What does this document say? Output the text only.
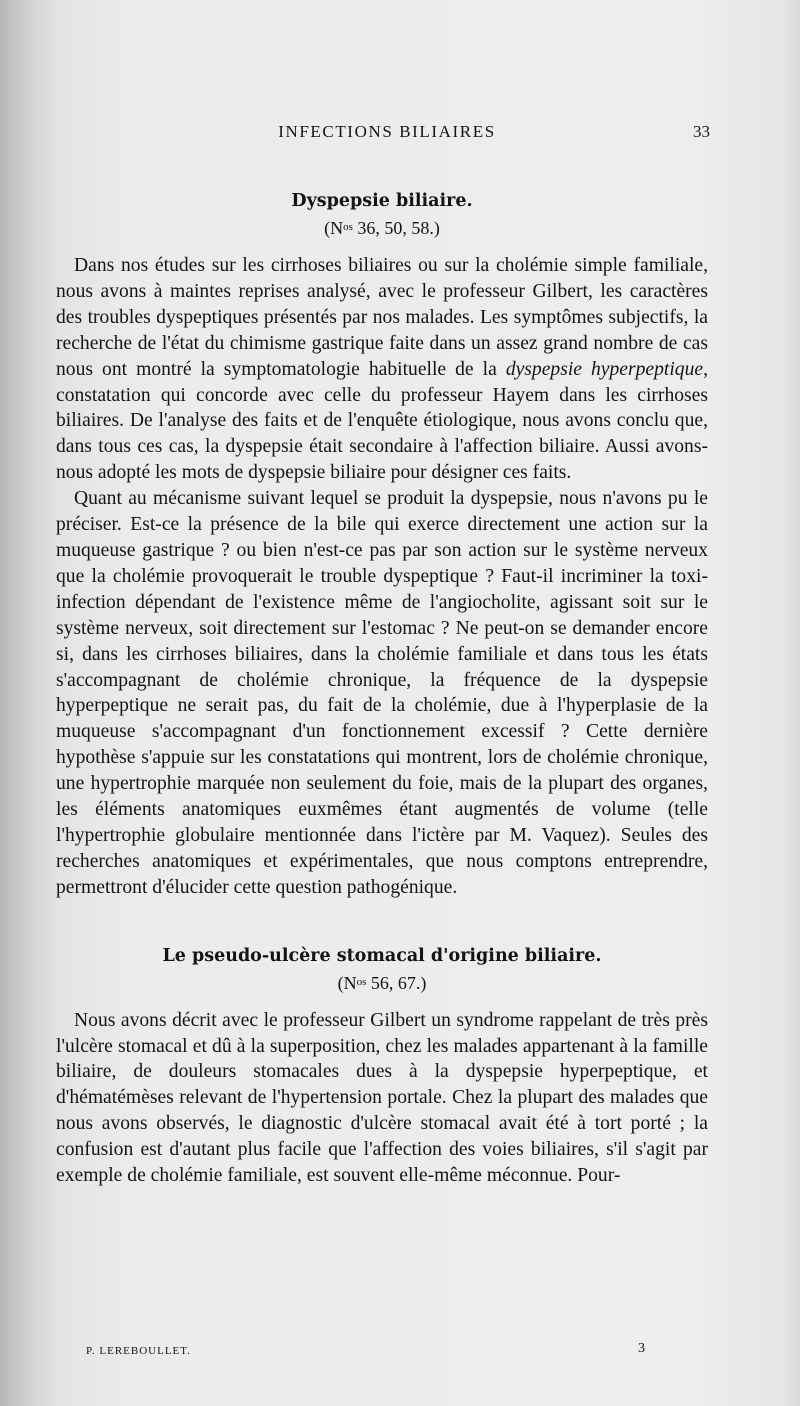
INFECTIONS BILIAIRES	33
Dyspepsie biliaire.
($N^{os}$ 36, 50, 58.)

Dans nos études sur les cirrhoses biliaires ou sur la cholémie simple familiale, nous avons à maintes reprises analysé, avec le professeur Gilbert, les caractères des troubles dyspeptiques présentés par nos malades. Les symptômes subjectifs, la recherche de l'état du chimisme gastrique faite dans un assez grand nombre de cas nous ont montré la symptomatologie habituelle de la dyspepsie hyperpeptique, constatation qui concorde avec celle du professeur Hayem dans les cirrhoses biliaires. De l'analyse des faits et de l'enquête étiologique, nous avons conclu que, dans tous ces cas, la dyspepsie était secondaire à l'affection biliaire. Aussi avons-nous adopté les mots de dyspepsie biliaire pour désigner ces faits.

Quant au mécanisme suivant lequel se produit la dyspepsie, nous n'avons pu le préciser. Est-ce la présence de la bile qui exerce directement une action sur la muqueuse gastrique ? ou bien n'est-ce pas par son action sur le système nerveux que la cholémie provoquerait le trouble dyspeptique ? Faut-il incriminer la toxi-infection dépendant de l'existence même de l'angiocholite, agissant soit sur le système nerveux, soit directement sur l'estomac ? Ne peut-on se demander encore si, dans les cirrhoses biliaires, dans la cholémie familiale et dans tous les états s'accompagnant de cholémie chronique, la fréquence de la dyspepsie hyperpeptique ne serait pas, du fait de la cholémie, due à l'hyperplasie de la muqueuse s'accompagnant d'un fonctionnement excessif ? Cette dernière hypothèse s'appuie sur les constatations qui montrent, lors de cholémie chronique, une hypertrophie marquée non seulement du foie, mais de la plupart des organes, les éléments anatomiques euxmêmes étant augmentés de volume (telle l'hypertrophie globulaire mentionnée dans l'ictère par M. Vaquez). Seules des recherches anatomiques et expérimentales, que nous comptons entreprendre, permettront d'élucider cette question pathogénique.

Le pseudo-ulcère stomacal d'origine biliaire.
($N^{os}$ 56, 67.)

Nous avons décrit avec le professeur Gilbert un syndrome rappelant de très près l'ulcère stomacal et dû à la superposition, chez les malades appartenant à la famille biliaire, de douleurs stomacales dues à la dyspepsie hyperpeptique, et d'hématémèses relevant de l'hypertension portale. Chez la plupart des malades que nous avons observés, le diagnostic d'ulcère stomacal avait été à tort porté ; la confusion est d'autant plus facile que l'affection des voies biliaires, s'il s'agit par exemple de cholémie familiale, est souvent elle-même méconnue. Pour-

P. LEREBOULLET.	3
